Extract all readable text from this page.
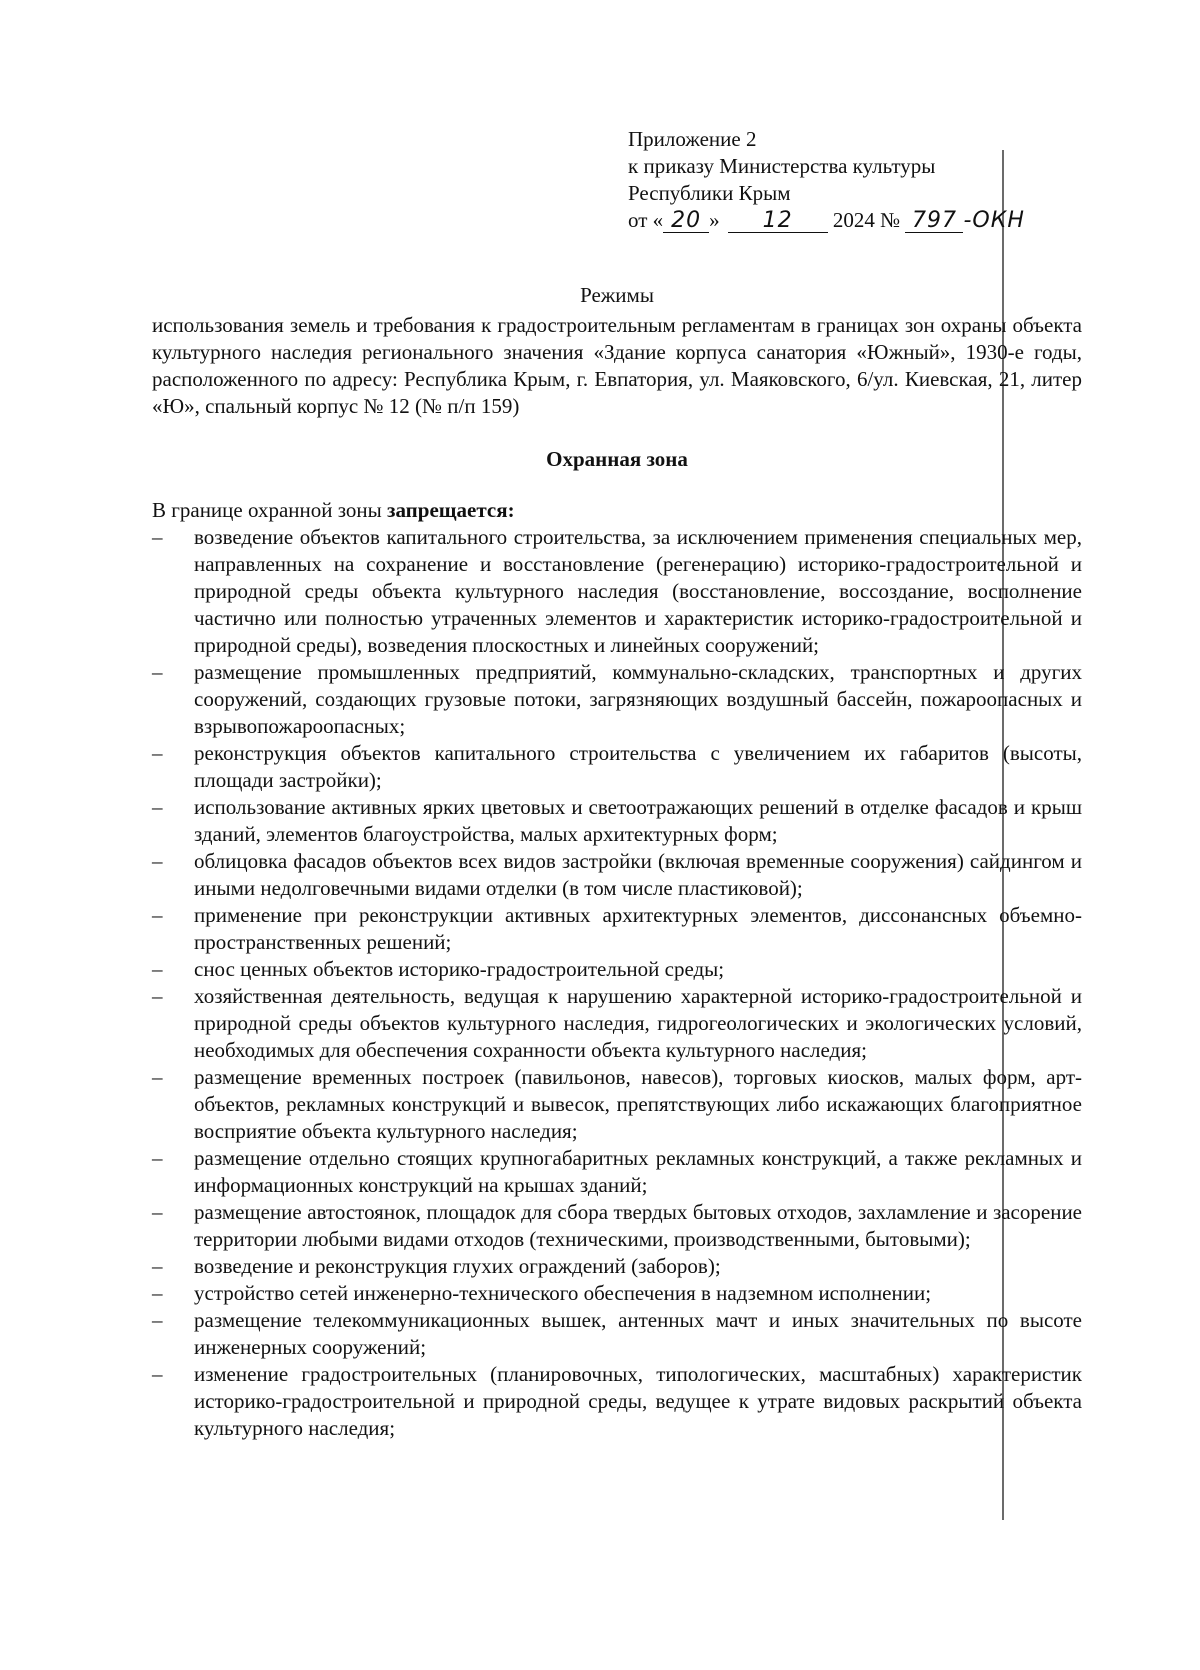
Приложение 2
к приказу Министерства культуры
Республики Крым
от « 20 » 12 2024 № 797 -ОКН
Режимы

использования земель и требования к градостроительным регламентам в границах зон охраны объекта культурного наследия регионального значения «Здание корпуса санатория «Южный», 1930-е годы, расположенного по адресу: Республика Крым, г. Евпатория, ул. Маяковского, 6/ул. Киевская, 21, литер «Ю», спальный корпус № 12 (№ п/п 159)

Охранная зона
В границе охранной зоны запрещается:
– возведение объектов капитального строительства, за исключением применения специальных мер, направленных на сохранение и восстановление (регенерацию) историко-градостроительной и природной среды объекта культурного наследия (восстановление, воссоздание, восполнение частично или полностью утраченных элементов и характеристик историко-градостроительной и природной среды), возведения плоскостных и линейных сооружений;
– размещение промышленных предприятий, коммунально-складских, транспортных и других сооружений, создающих грузовые потоки, загрязняющих воздушный бассейн, пожароопасных и взрывопожароопасных;
– реконструкция объектов капитального строительства с увеличением их габаритов (высоты, площади застройки);
– использование активных ярких цветовых и светоотражающих решений в отделке фасадов и крыш зданий, элементов благоустройства, малых архитектурных форм;
– облицовка фасадов объектов всех видов застройки (включая временные сооружения) сайдингом и иными недолговечными видами отделки (в том числе пластиковой);
– применение при реконструкции активных архитектурных элементов, диссонансных объемно-пространственных решений;
– снос ценных объектов историко-градостроительной среды;
– хозяйственная деятельность, ведущая к нарушению характерной историко-градостроительной и природной среды объектов культурного наследия, гидрогеологических и экологических условий, необходимых для обеспечения сохранности объекта культурного наследия;
– размещение временных построек (павильонов, навесов), торговых киосков, малых форм, арт-объектов, рекламных конструкций и вывесок, препятствующих либо искажающих благоприятное восприятие объекта культурного наследия;
– размещение отдельно стоящих крупногабаритных рекламных конструкций, а также рекламных и информационных конструкций на крышах зданий;
– размещение автостоянок, площадок для сбора твердых бытовых отходов, захламление и засорение территории любыми видами отходов (техническими, производственными, бытовыми);
– возведение и реконструкция глухих ограждений (заборов);
– устройство сетей инженерно-технического обеспечения в надземном исполнении;
– размещение телекоммуникационных вышек, антенных мачт и иных значительных по высоте инженерных сооружений;
– изменение градостроительных (планировочных, типологических, масштабных) характеристик историко-градостроительной и природной среды, ведущее к утрате видовых раскрытий объекта культурного наследия;
